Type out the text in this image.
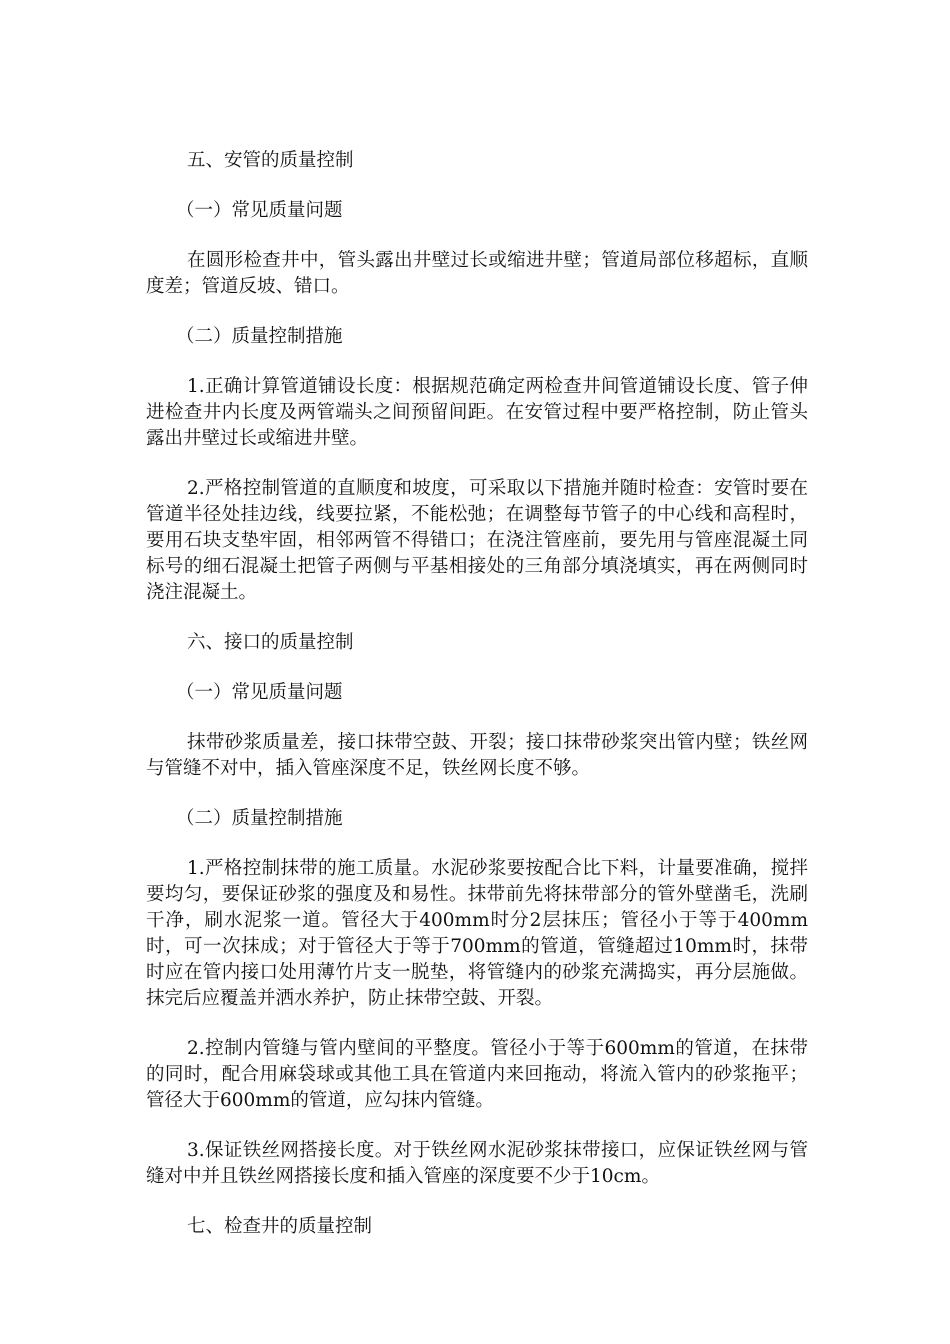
五、安管的质量控制

（一）常见质量问题

在圆形检查井中，管头露出井壁过长或缩进井壁；管道局部位移超标，直顺度差；管道反坡、错口。

（二）质量控制措施

1.正确计算管道铺设长度：根据规范确定两检查井间管道铺设长度、管子伸进检查井内长度及两管端头之间预留间距。在安管过程中要严格控制，防止管头露出井壁过长或缩进井壁。

2.严格控制管道的直顺度和坡度，可采取以下措施并随时检查：安管时要在管道半径处挂边线，线要拉紧，不能松弛；在调整每节管子的中心线和高程时，要用石块支垫牢固，相邻两管不得错口；在浇注管座前，要先用与管座混凝土同标号的细石混凝土把管子两侧与平基相接处的三角部分填浇填实，再在两侧同时浇注混凝土。

六、接口的质量控制

（一）常见质量问题

抹带砂浆质量差，接口抹带空鼓、开裂；接口抹带砂浆突出管内壁；铁丝网与管缝不对中，插入管座深度不足，铁丝网长度不够。

（二）质量控制措施

1.严格控制抹带的施工质量。水泥砂浆要按配合比下料，计量要准确，搅拌要均匀，要保证砂浆的强度及和易性。抹带前先将抹带部分的管外壁凿毛，洗刷干净，刷水泥浆一道。管径大于400mm时分2层抹压；管径小于等于400mm时，可一次抹成；对于管径大于等于700mm的管道，管缝超过10mm时，抹带时应在管内接口处用薄竹片支一脱垫，将管缝内的砂浆充满捣实，再分层施做。抹完后应覆盖并洒水养护，防止抹带空鼓、开裂。

2.控制内管缝与管内壁间的平整度。管径小于等于600mm的管道，在抹带的同时，配合用麻袋球或其他工具在管道内来回拖动，将流入管内的砂浆拖平；管径大于600mm的管道，应勾抹内管缝。

3.保证铁丝网搭接长度。对于铁丝网水泥砂浆抹带接口，应保证铁丝网与管缝对中并且铁丝网搭接长度和插入管座的深度要不少于10cm。

七、检查井的质量控制
